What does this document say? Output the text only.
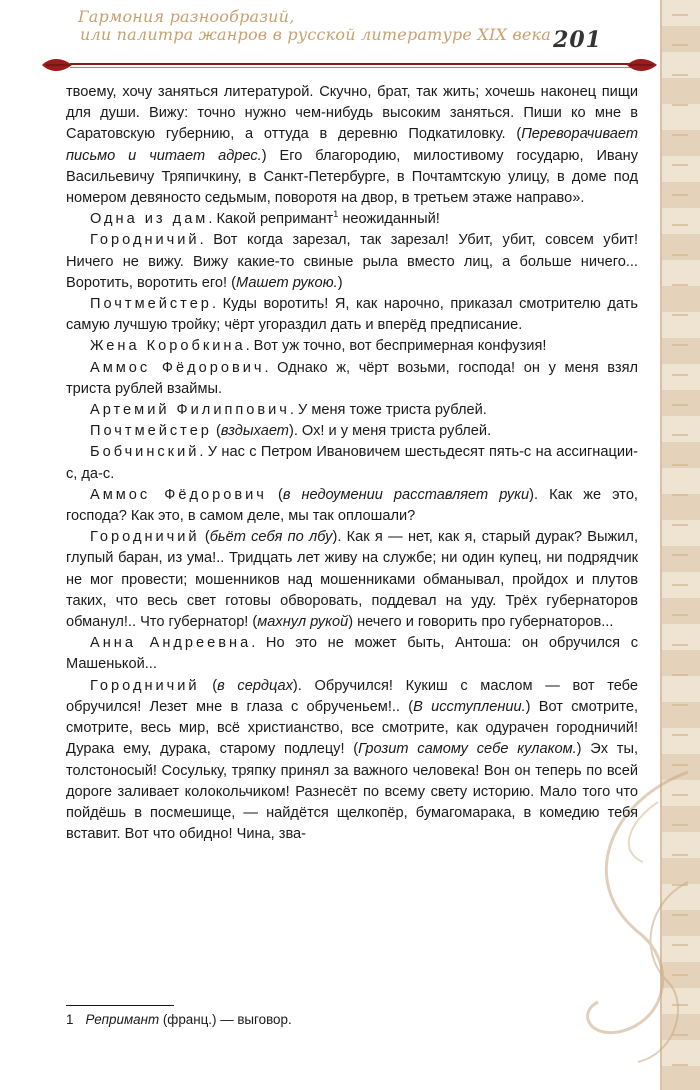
Гармония разнообразий,
или палитра жанров в русской литературе XIX века 201

твоему, хочу заняться литературой. Скучно, брат, так жить; хочешь наконец пищи для души. Вижу: точно нужно чем-нибудь высоким заняться. Пиши ко мне в Саратовскую губернию, а оттуда в деревню Подкатиловку. (Переворачивает письмо и читает адрес.) Его благородию, милостивому государю, Ивану Васильевичу Тряпичкину, в Санкт-Петербурге, в Почтамтскую улицу, в доме под номером девяносто седьмым, поворотя на двор, в третьем этаже направо».

Одна из дам. Какой репримант$^1$ неожиданный!

Городничий. Вот когда зарезал, так зарезал! Убит, убит, совсем убит! Ничего не вижу. Вижу какие-то свиные рыла вместо лиц, а больше ничего... Воротить, воротить его! (Машет рукою.)

Почтмейстер. Куды воротить! Я, как нарочно, приказал смотрителю дать самую лучшую тройку; чёрт угораздил дать и вперёд предписание.

Жена Коробкина. Вот уж точно, вот беспримерная конфузия!

Аммос Фёдорович. Однако ж, чёрт возьми, господа! он у меня взял триста рублей взаймы.

Артемий Филиппович. У меня тоже триста рублей.

Почтмейстер (вздыхает). Ох! и у меня триста рублей.

Бобчинский. У нас с Петром Ивановичем шестьдесят пять-с на ассигнации-с, да-с.

Аммос Фёдорович (в недоумении расставляет руки). Как же это, господа? Как это, в самом деле, мы так оплошали?

Городничий (бьёт себя по лбу). Как я — нет, как я, старый дурак? Выжил, глупый баран, из ума!.. Тридцать лет живу на службе; ни один купец, ни подрядчик не мог провести; мошенников над мошенниками обманывал, пройдох и плутов таких, что весь свет готовы обворовать, поддевал на уду. Трёх губернаторов обманул!.. Что губернатор! (махнул рукой) нечего и говорить про губернаторов...

Анна Андреевна. Но это не может быть, Антоша: он обручился с Машенькой...

Городничий (в сердцах). Обручился! Кукиш с маслом — вот тебе обручился! Лезет мне в глаза с обрученьем!.. (В исступлении.) Вот смотрите, смотрите, весь мир, всё христианство, все смотрите, как одурачен городничий! Дурака ему, дурака, старому подлецу! (Грозит самому себе кулаком.) Эх ты, толстоносый! Сосульку, тряпку принял за важного человека! Вон он теперь по всей дороге заливает колокольчиком! Разнесёт по всему свету историю. Мало того что пойдёшь в посмешище, — найдётся щелкопёр, бумагомарака, в комедию тебя вставит. Вот что обидно! Чина, зва-

1 Репримант (франц.) — выговор.
